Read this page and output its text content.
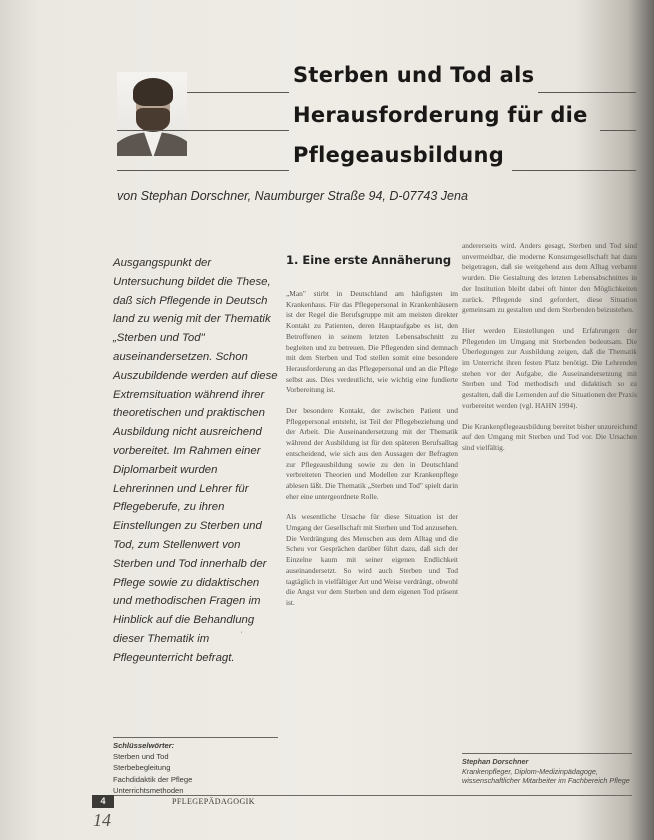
Sterben und Tod als
Herausforderung für die
Pflegeausbildung
von Stephan Dorschner, Naumburger Straße 94, D-07743 Jena
Ausgangspunkt der Untersuchung bildet die These, daß sich Pflegende in Deutsch land zu wenig mit der Thematik „Sterben und Tod" auseinandersetzen. Schon Auszubildende werden auf diese Extremsituation während ihrer theoretischen und praktischen Ausbildung nicht ausreichend vorbereitet. Im Rahmen einer Diplomarbeit wurden Lehrerinnen und Lehrer für Pflegeberufe, zu ihren Einstellungen zu Sterben und Tod, zum Stellenwert von Sterben und Tod innerhalb der Pflege sowie zu didaktischen und methodischen Fragen im Hinblick auf die Behandlung dieser Thematik im Pflegeunterricht befragt.
Schlüsselwörter:
Sterben und Tod
Sterbebegleitung
Fachdidaktik der Pflege
Unterrichtsmethoden
1. Eine erste Annäherung

„Man" stirbt in Deutschland am häufigsten im Krankenhaus. Für das Pflegepersonal in Krankenhäusern ist der Regel die Berufsgruppe mit am meisten direkter Kontakt zu Patienten, deren Hauptaufgabe es ist, den Betroffenen in seinem letzten Lebensabschnitt zu begleiten und zu betreuen. Die Pflegenden sind demnach mit dem Sterben und Tod stellen somit eine besondere Herausforderung an das Pflegepersonal und an die Pflege selbst aus. Dies verdeutlicht, wie wichtig eine fundierte Vorbereitung ist.

Der besondere Kontakt, der zwischen Patient und Pflegepersonal entsteht, ist Teil der Pflegebeziehung und der Arbeit. Die Auseinandersetzung mit der Thematik während der Ausbildung ist für den späteren Berufsalltag entscheidend, wie sich aus den Aussagen der Befragten zur Pflegeausbildung sowie zu den in Deutschland verbreiteten Theorien und Modellen zur Krankenpflege ablesen läßt. Die Thematik „Sterben und Tod" spielt darin eher eine untergeordnete Rolle.

Als wesentliche Ursache für diese Situation ist der Umgang der Gesellschaft mit Sterben und Tod anzusehen. Die Verdrängung des Menschen aus dem Alltag und die Scheu vor Gesprächen darüber führt dazu, daß sich der Einzelne kaum mit seiner eigenen Endlichkeit auseinandersetzt. So wird auch Sterben und Tod tagtäglich in vielfältiger Art und Weise verdrängt, obwohl die Angst vor dem Sterben und dem eigenen Tod präsent ist.

andererseits wird. Anders gesagt, Sterben und Tod sind unvermeidbar, die moderne Konsumgesellschaft hat dazu beigetragen, daß sie weitgehend aus dem Alltag verbannt wurden. Die Gestaltung des letzten Lebensabschnittes in der Institution bleibt dabei oft hinter den Möglichkeiten zurück. Pflegende sind gefordert, diese Situation gemeinsam zu gestalten und dem Sterbenden beizustehen.

Hier werden Einstellungen und Erfahrungen der Pflegenden im Umgang mit Sterbenden bedeutsam. Die Überlegungen zur Ausbildung zeigen, daß die Thematik im Unterricht ihren festen Platz benötigt. Die Lehrenden stehen vor der Aufgabe, die Auseinandersetzung mit Sterben und Tod methodisch und didaktisch so zu gestalten, daß die Lernenden auf die Situationen der Praxis vorbereitet werden (vgl. HAHN 1994).

Die Krankenpflegeausbildung bereitet bisher unzureichend auf den Umgang mit Sterben und Tod vor. Die Ursachen sind vielfältig.

Stephan Dorschner
Krankenpfleger, Diplom-Medizinpädagoge, wissenschaftlicher Mitarbeiter im Fachbereich Pflege
'
4	PFLEGEPÄDAGOGIK
14
